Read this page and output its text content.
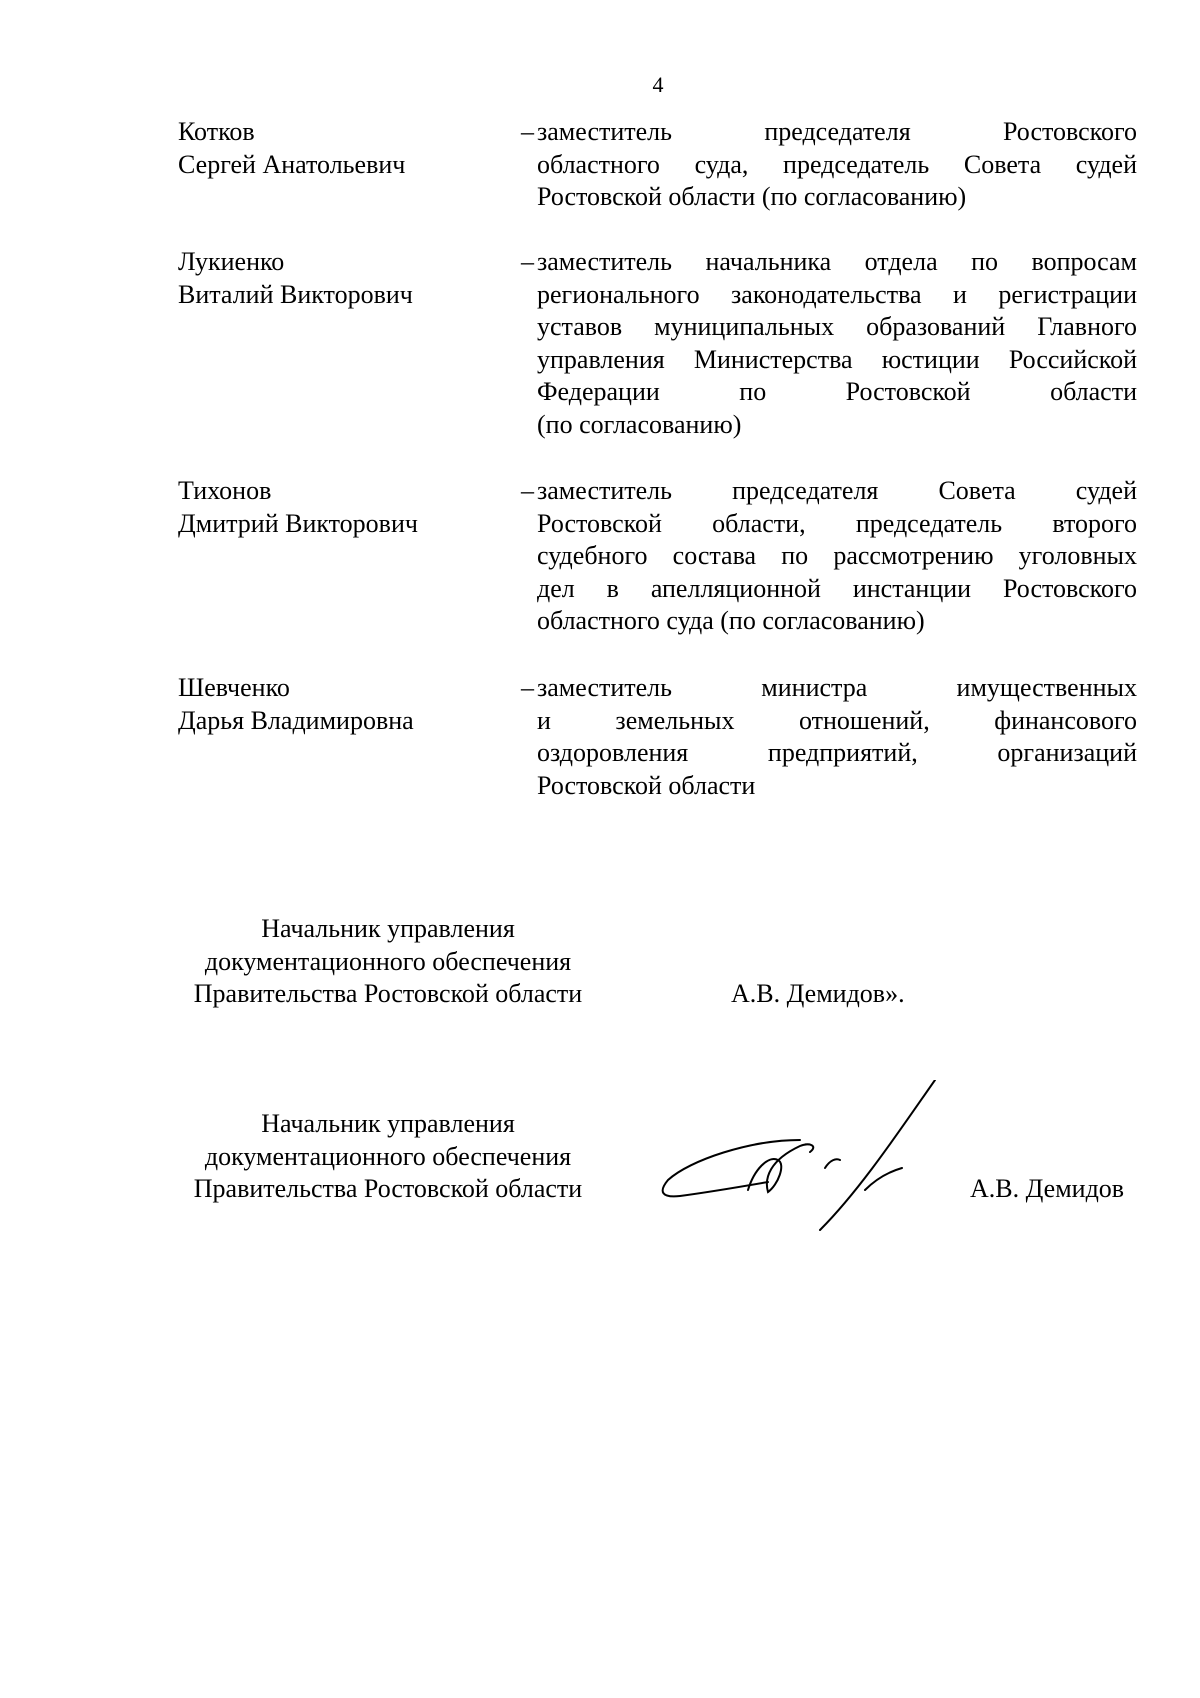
4
Котков
Сергей Анатольевич
– заместитель председателя Ростовского
областного суда, председатель Совета судей
Ростовской области (по согласованию)
Лукиенко
Виталий Викторович
– заместитель начальника отдела по вопросам
регионального законодательства и регистрации
уставов муниципальных образований Главного
управления Министерства юстиции Российской
Федерации по Ростовской области
(по согласованию)
Тихонов
Дмитрий Викторович
– заместитель председателя Совета судей
Ростовской области, председатель второго
судебного состава по рассмотрению уголовных
дел в апелляционной инстанции Ростовского
областного суда (по согласованию)
Шевченко
Дарья Владимировна
– заместитель министра имущественных
и земельных отношений, финансового
оздоровления предприятий, организаций
Ростовской области
Начальник управления
документационного обеспечения
Правительства Ростовской области	А.В. Демидов».
Начальник управления
документационного обеспечения
Правительства Ростовской области	А.В. Демидов
